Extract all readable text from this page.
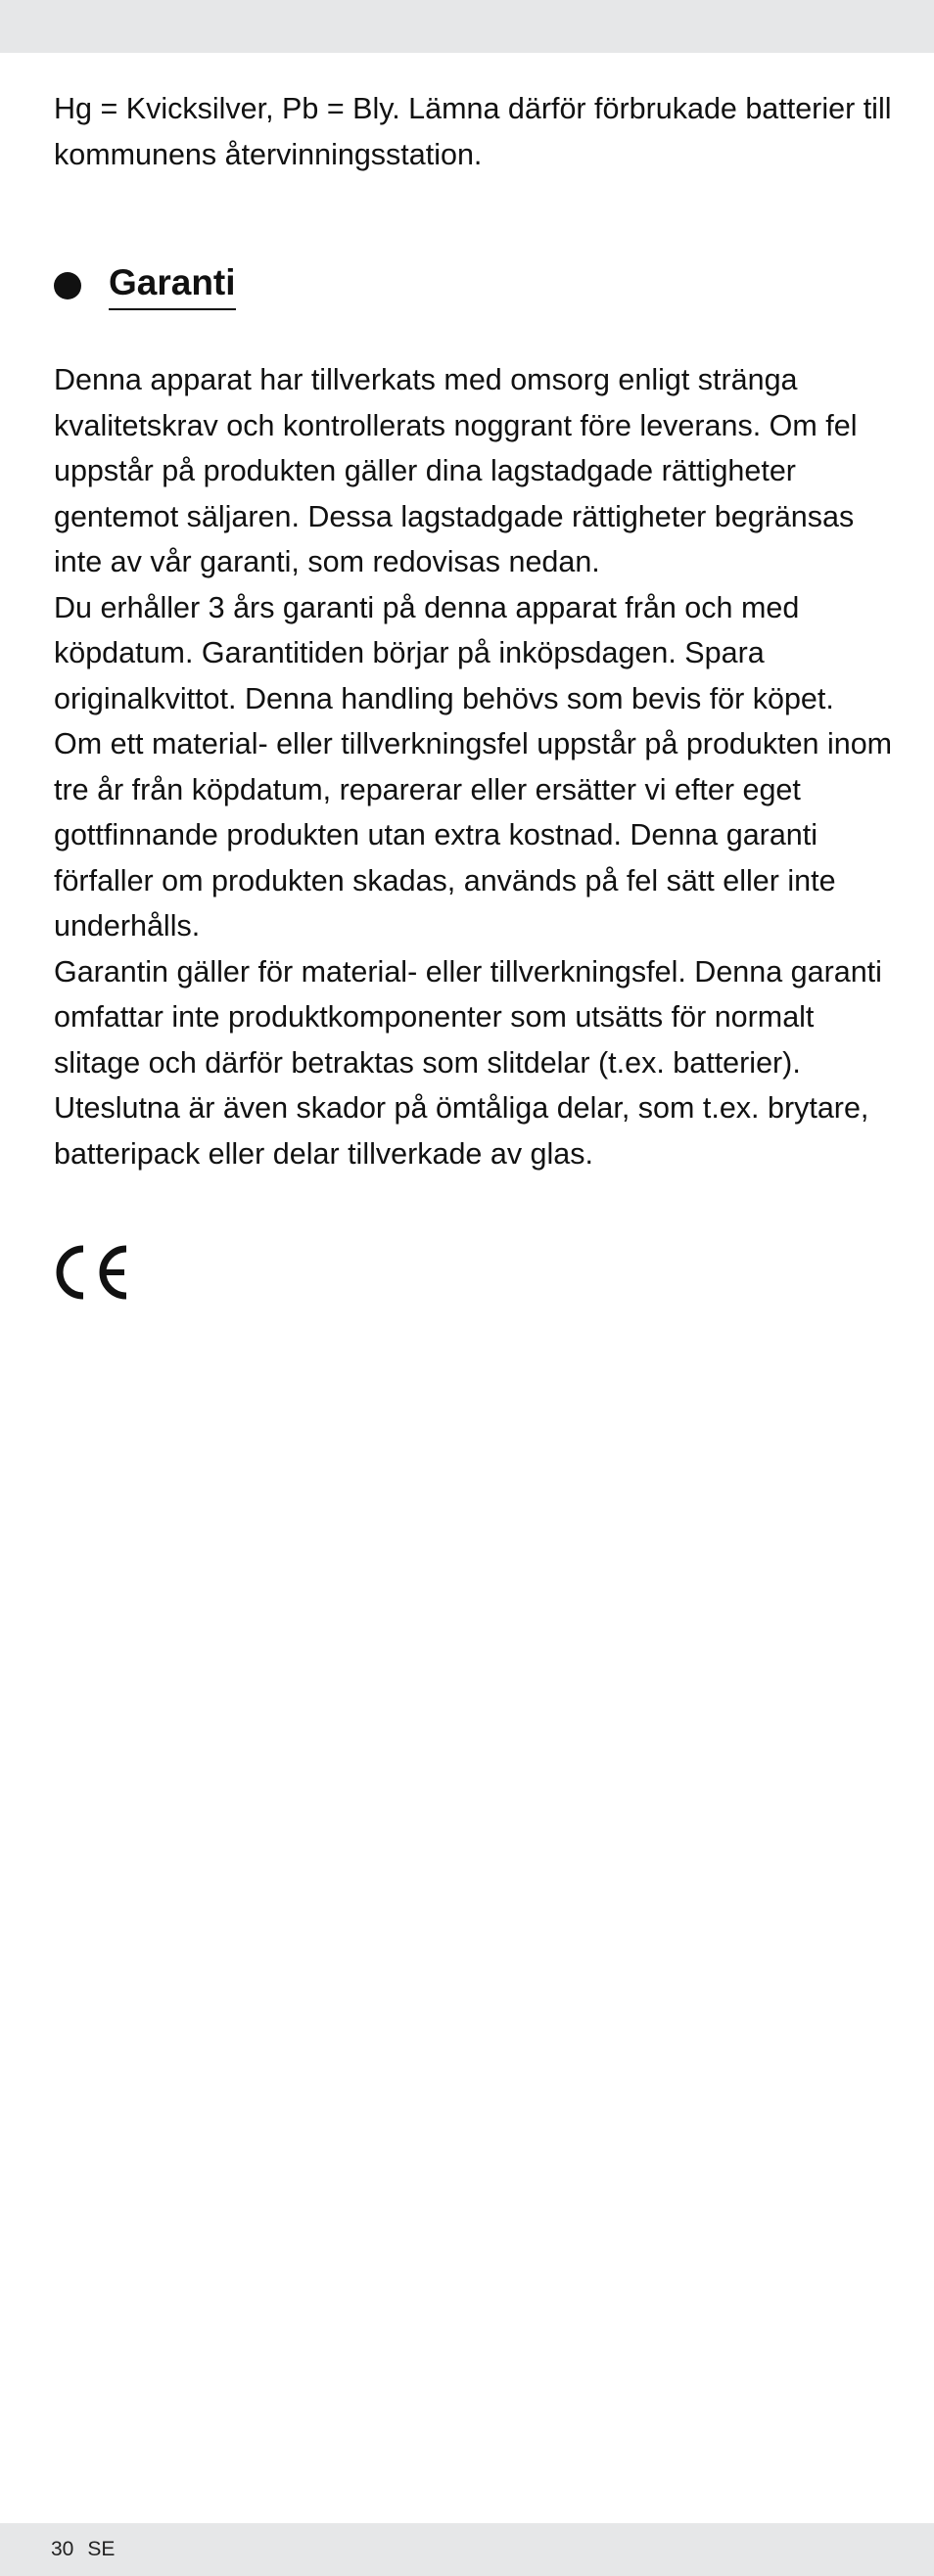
Hg = Kvicksilver, Pb = Bly. Lämna därför förbrukade batterier till kommunens återvinningsstation.

Garanti

Denna apparat har tillverkats med omsorg enligt stränga kvalitetskrav och kontrollerats noggrant före leverans. Om fel uppstår på produkten gäller dina lagstadgade rättigheter gentemot säljaren. Dessa lagstadgade rättigheter begränsas inte av vår garanti, som redovisas nedan.

Du erhåller 3 års garanti på denna apparat från och med köpdatum. Garantitiden börjar på inköpsdagen. Spara originalkvittot. Denna handling behövs som bevis för köpet.

Om ett material- eller tillverkningsfel uppstår på produkten inom tre år från köpdatum, reparerar eller ersätter vi efter eget gottfinnande produkten utan extra kostnad. Denna garanti förfaller om produkten skadas, används på fel sätt eller inte underhålls.

Garantin gäller för material- eller tillverkningsfel. Denna garanti omfattar inte produktkomponenter som utsätts för normalt slitage och därför betraktas som slitdelar (t.ex. batterier). Uteslutna är även skador på ömtåliga delar, som t.ex. brytare, batteripack eller delar tillverkade av glas.

30 SE
